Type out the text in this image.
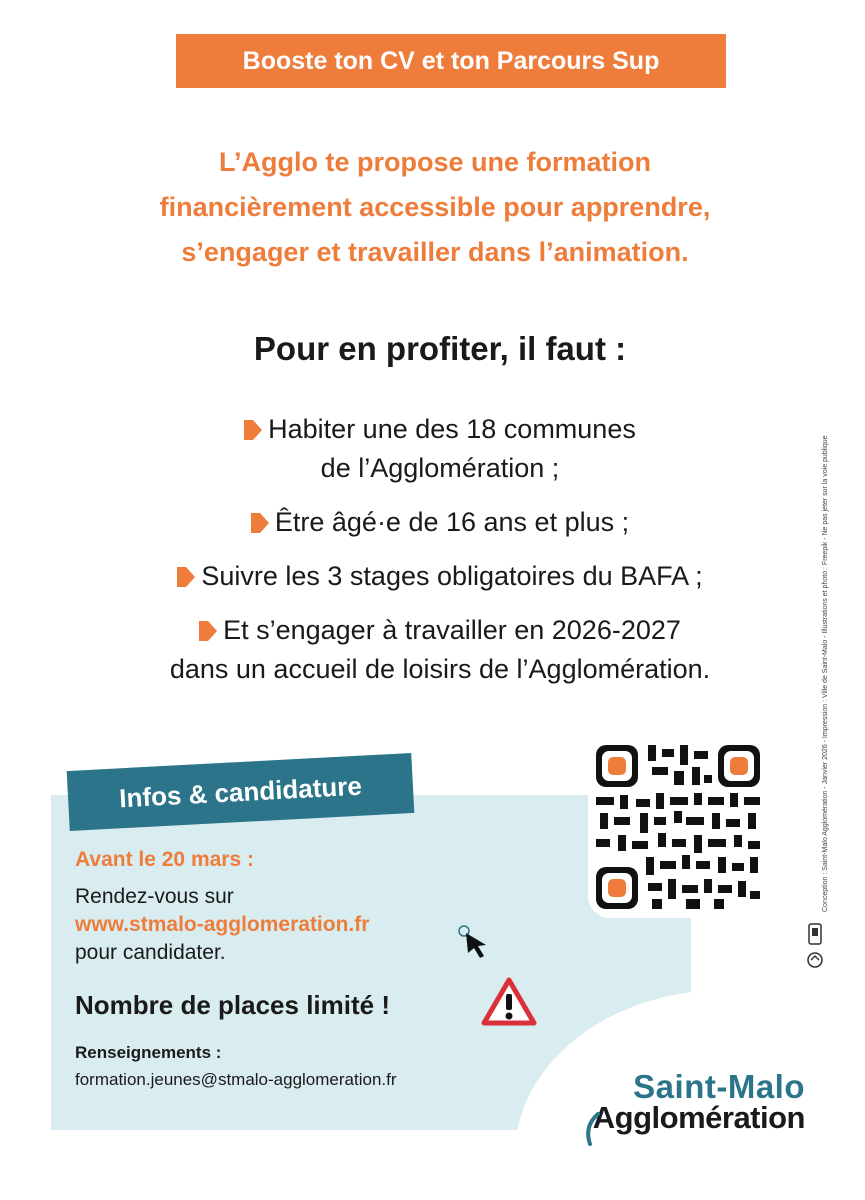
Booste ton CV et ton Parcours Sup
L’Agglo te propose une formation
financièrement accessible pour apprendre,
s’engager et travailler dans l’animation.
Pour en profiter, il faut :
Habiter une des 18 communes
de l’Agglomération ;
Être âgé·e de 16 ans et plus ;
Suivre les 3 stages obligatoires du BAFA ;
Et s’engager à travailler en 2026-2027
dans un accueil de loisirs de l’Agglomération.
Infos & candidature
Avant le 20 mars :
Rendez-vous sur
www.stmalo-agglomeration.fr
pour candidater.
Nombre de places limité !
Renseignements :
formation.jeunes@stmalo-agglomeration.fr	Saint-Malo
Agglomération
Conception : Saint-Malo Agglomération - Janvier 2026 - Impression : Ville de Saint-Malo - Illustrations et photo : Freepik - Ne pas jeter sur la voie publique
